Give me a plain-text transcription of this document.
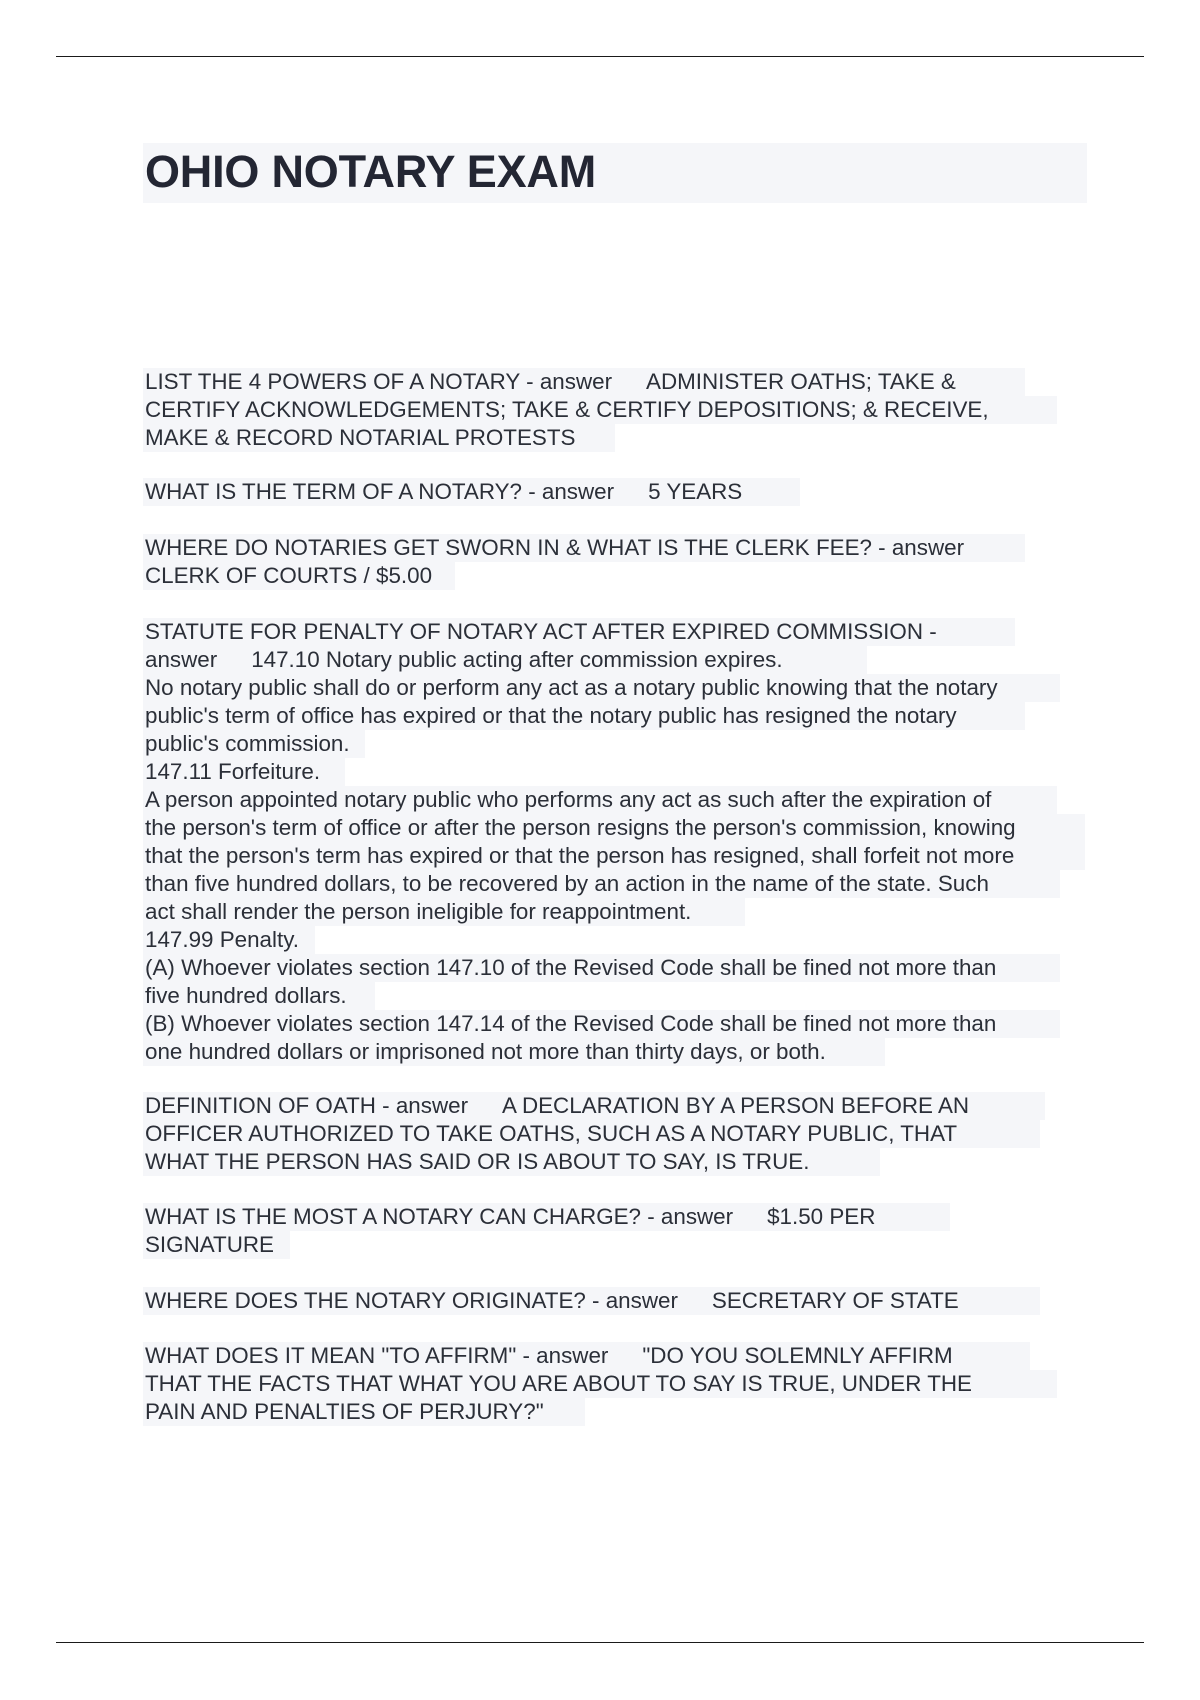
OHIO NOTARY EXAM
LIST THE 4 POWERS OF A NOTARY - answer ADMINISTER OATHS; TAKE &
CERTIFY ACKNOWLEDGEMENTS; TAKE & CERTIFY DEPOSITIONS; & RECEIVE,
MAKE & RECORD NOTARIAL PROTESTS
WHAT IS THE TERM OF A NOTARY? - answer 5 YEARS
WHERE DO NOTARIES GET SWORN IN & WHAT IS THE CLERK FEE? - answer
CLERK OF COURTS / $5.00
STATUTE FOR PENALTY OF NOTARY ACT AFTER EXPIRED COMMISSION -
answer 147.10 Notary public acting after commission expires.
No notary public shall do or perform any act as a notary public knowing that the notary
public's term of office has expired or that the notary public has resigned the notary
public's commission.
147.11 Forfeiture.
A person appointed notary public who performs any act as such after the expiration of
the person's term of office or after the person resigns the person's commission, knowing
that the person's term has expired or that the person has resigned, shall forfeit not more
than five hundred dollars, to be recovered by an action in the name of the state. Such
act shall render the person ineligible for reappointment.
147.99 Penalty.
(A) Whoever violates section 147.10 of the Revised Code shall be fined not more than
five hundred dollars.
(B) Whoever violates section 147.14 of the Revised Code shall be fined not more than
one hundred dollars or imprisoned not more than thirty days, or both.
DEFINITION OF OATH - answer A DECLARATION BY A PERSON BEFORE AN
OFFICER AUTHORIZED TO TAKE OATHS, SUCH AS A NOTARY PUBLIC, THAT
WHAT THE PERSON HAS SAID OR IS ABOUT TO SAY, IS TRUE.
WHAT IS THE MOST A NOTARY CAN CHARGE? - answer $1.50 PER
SIGNATURE
WHERE DOES THE NOTARY ORIGINATE? - answer SECRETARY OF STATE
WHAT DOES IT MEAN "TO AFFIRM" - answer "DO YOU SOLEMNLY AFFIRM
THAT THE FACTS THAT WHAT YOU ARE ABOUT TO SAY IS TRUE, UNDER THE
PAIN AND PENALTIES OF PERJURY?"
